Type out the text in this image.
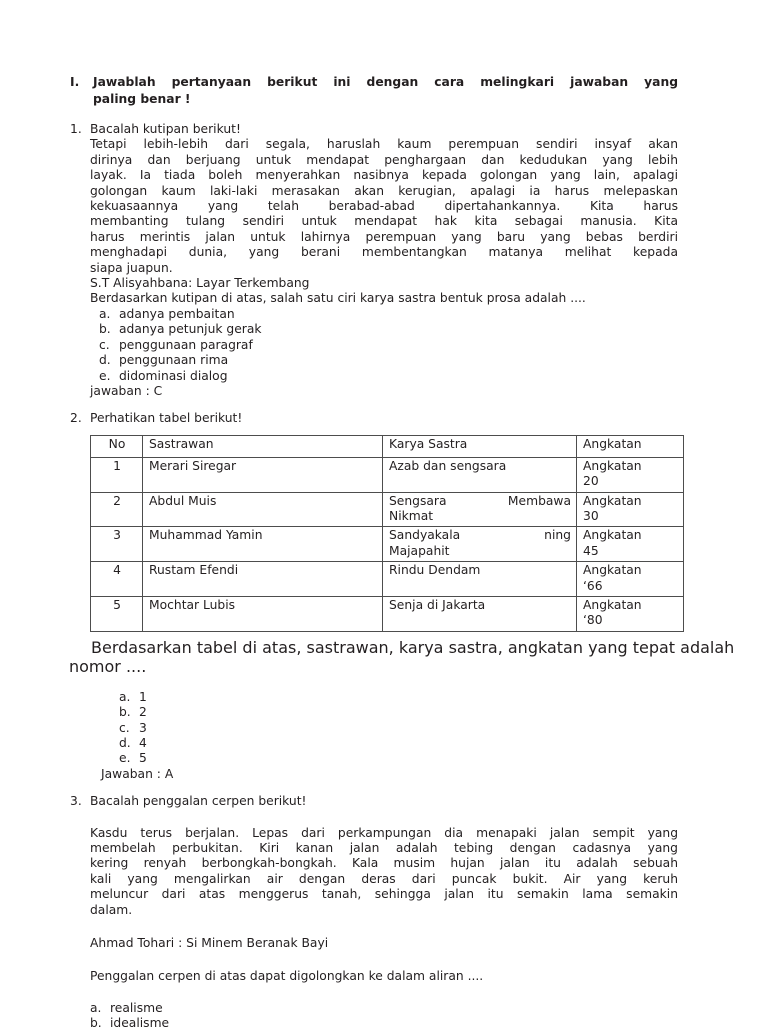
I.	Jawablah pertanyaan berikut ini dengan cara melingkari jawaban yang
paling benar !
1. Bacalah kutipan berikut!
Tetapi lebih-lebih dari segala, haruslah kaum perempuan sendiri insyaf akan
dirinya dan berjuang untuk mendapat penghargaan dan kedudukan yang lebih
layak. Ia tiada boleh menyerahkan nasibnya kepada golongan yang lain, apalagi
golongan kaum laki-laki merasakan akan kerugian, apalagi ia harus melepaskan
kekuasaannya yang telah berabad-abad dipertahankannya. Kita harus
membanting tulang sendiri untuk mendapat hak kita sebagai manusia. Kita
harus merintis jalan untuk lahirnya perempuan yang baru yang bebas berdiri
menghadapi dunia, yang berani membentangkan matanya melihat kepada
siapa juapun.
S.T Alisyahbana: Layar Terkembang
Berdasarkan kutipan di atas, salah satu ciri karya sastra bentuk prosa adalah ....
a. adanya pembaitan
b. adanya petunjuk gerak
c. penggunaan paragraf
d. penggunaan rima
e. didominasi dialog
jawaban : C
2. Perhatikan tabel berikut!
No	Sastrawan	Karya Sastra	Angkatan
1	Merari Siregar	Azab dan sengsara	Angkatan
20

2	Abdul Muis	Sengsara Membawa
Nikmat	Angkatan
30

3	Muhammad Yamin	Sandyakala ning
Majapahit	Angkatan
45

4	Rustam Efendi	Rindu Dendam	Angkatan
‘66

5	Mochtar Lubis	Senja di Jakarta	Angkatan
‘80
Berdasarkan tabel di atas, sastrawan, karya sastra, angkatan yang tepat adalah
nomor ....
a. 1
b. 2
c. 3
d. 4
e. 5
Jawaban : A
3. Bacalah penggalan cerpen berikut!
Kasdu terus berjalan. Lepas dari perkampungan dia menapaki jalan sempit yang
membelah perbukitan. Kiri kanan jalan adalah tebing dengan cadasnya yang
kering renyah berbongkah-bongkah. Kala musim hujan jalan itu adalah sebuah
kali yang mengalirkan air dengan deras dari puncak bukit. Air yang keruh
meluncur dari atas menggerus tanah, sehingga jalan itu semakin lama semakin
dalam.
Ahmad Tohari : Si Minem Beranak Bayi
Penggalan cerpen di atas dapat digolongkan ke dalam aliran ....
a. realisme
b. idealisme
